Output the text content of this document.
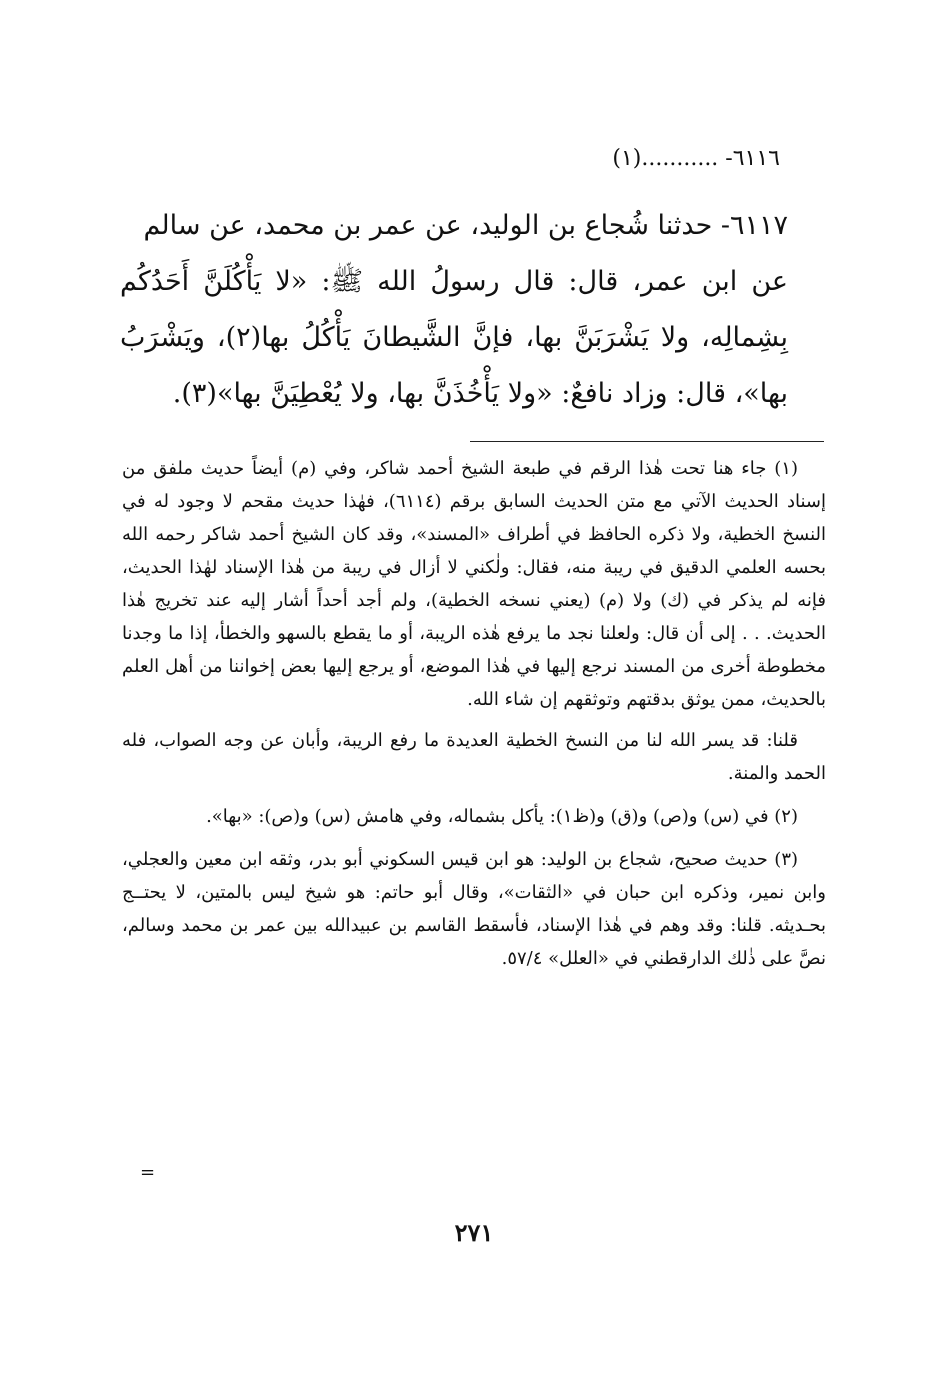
٦١١٦- ...........(١)

٦١١٧- حدثنا شُجاع بن الوليد، عن عمر بن محمد، عن سالم

عن ابن عمر، قال: قال رسولُ الله ﷺ: «لا يَأْكُلَنَّ أَحَدُكُم بِشِمالِه، ولا يَشْرَبَنَّ بها، فإنَّ الشَّيطانَ يَأْكُلُ بها(٢)، ويَشْرَبُ بها»، قال: وزاد نافعٌ: «ولا يَأْخُذَنَّ بها، ولا يُعْطِيَنَّ بها»(٣).

(١) جاء هنا تحت هٰذا الرقم في طبعة الشيخ أحمد شاكر، وفي (م) أيضاً حديث ملفق من إسناد الحديث الآتي مع متن الحديث السابق برقم (٦١١٤)، فهٰذا حديث مقحم لا وجود له في النسخ الخطية، ولا ذكره الحافظ في أطراف «المسند»، وقد كان الشيخ أحمد شاكر رحمه الله بحسه العلمي الدقيق في ريبة منه، فقال: ولٰكني لا أزال في ريبة من هٰذا الإسناد لهٰذا الحديث، فإنه لم يذكر في (ك) ولا (م) (يعني نسخه الخطية)، ولم أجد أحداً أشار إليه عند تخريج هٰذا الحديث. . . إلى أن قال: ولعلنا نجد ما يرفع هٰذه الريبة، أو ما يقطع بالسهو والخطأ، إذا ما وجدنا مخطوطة أخرى من المسند نرجع إليها في هٰذا الموضع، أو يرجع إليها بعض إخواننا من أهل العلم بالحديث، ممن يوثق بدقتهم وتوثقهم إن شاء الله.

قلنا: قد يسر الله لنا من النسخ الخطية العديدة ما رفع الريبة، وأبان عن وجه الصواب، فله الحمد والمنة.

(٢) في (س) و(ص) و(ق) و(ظ١): يأكل بشماله، وفي هامش (س) و(ص): «بها».

(٣) حديث صحيح، شجاع بن الوليد: هو ابن قيس السكوني أبو بدر، وثقه ابن معين والعجلي، وابن نمير، وذكره ابن حبان في «الثقات»، وقال أبو حاتم: هو شيخ ليس بالمتين، لا يحتــج بحـديثه. قلنا: وقد وهم في هٰذا الإسناد، فأسقط القاسم بن عبيدالله بين عمر بن محمد وسالم، نصَّ على ذٰلك الدارقطني في «العلل» ٥٧/٤.

=
٢٧١
